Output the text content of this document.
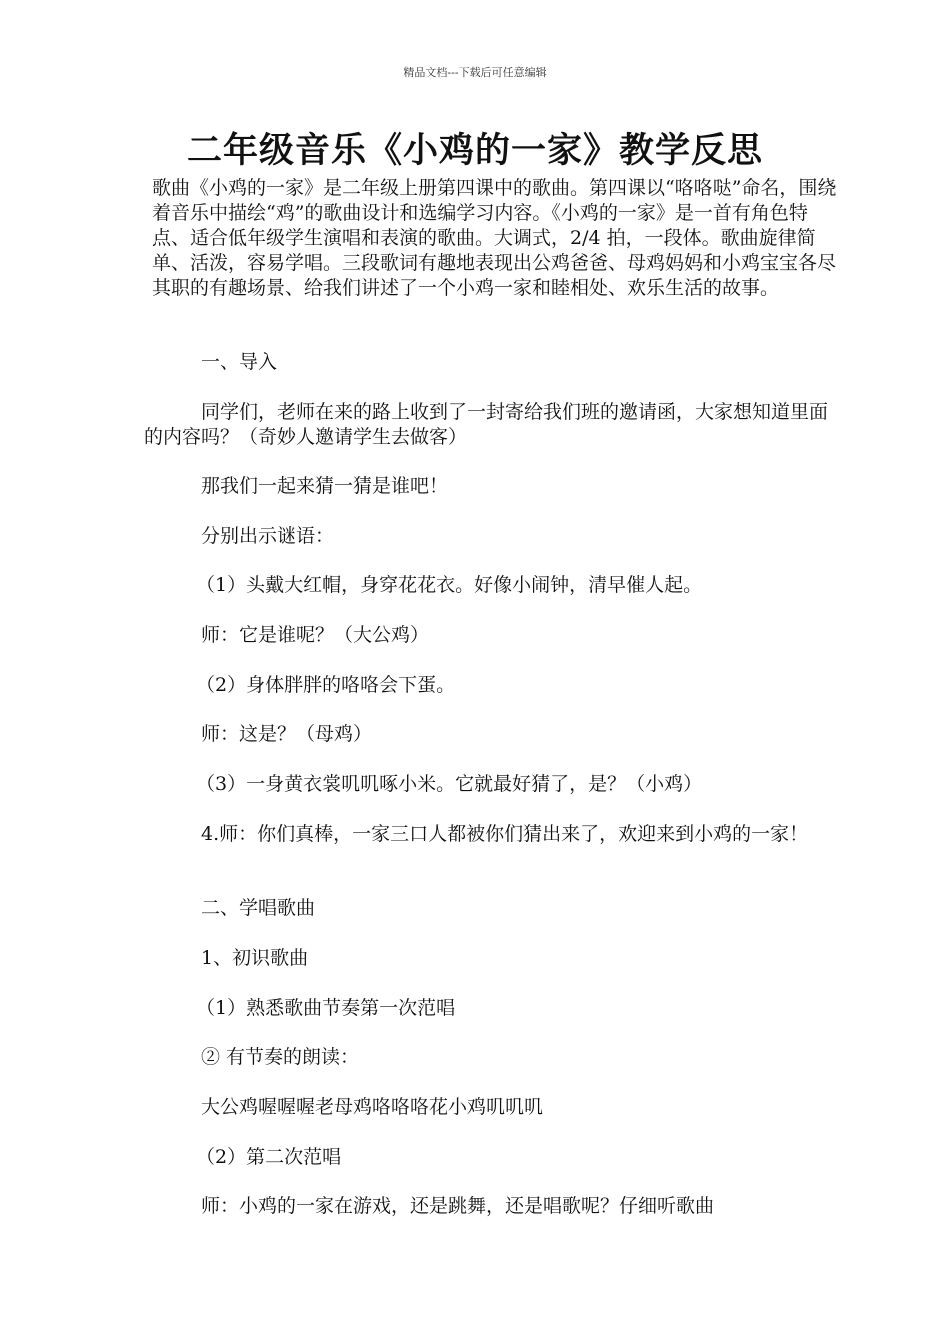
精品文档---下载后可任意编辑
二年级音乐《小鸡的一家》教学反思

歌曲《小鸡的一家》是二年级上册第四课中的歌曲。第四课以“咯咯哒”命名，围绕着音乐中描绘“鸡”的歌曲设计和选编学习内容。《小鸡的一家》是一首有角色特点、适合低年级学生演唱和表演的歌曲。大调式，2/4 拍，一段体。歌曲旋律简单、活泼，容易学唱。三段歌词有趣地表现出公鸡爸爸、母鸡妈妈和小鸡宝宝各尽其职的有趣场景、给我们讲述了一个小鸡一家和睦相处、欢乐生活的故事。

一、导入

同学们，老师在来的路上收到了一封寄给我们班的邀请函，大家想知道里面的内容吗？（奇妙人邀请学生去做客）

那我们一起来猜一猜是谁吧！

分别出示谜语：

（1）头戴大红帽，身穿花花衣。好像小闹钟，清早催人起。

师：它是谁呢？（大公鸡）

（2）身体胖胖的咯咯会下蛋。

师：这是？（母鸡）

（3）一身黄衣裳叽叽啄小米。它就最好猜了，是？（小鸡）

4.师：你们真棒，一家三口人都被你们猜出来了，欢迎来到小鸡的一家！

二、学唱歌曲

1、初识歌曲

（1）熟悉歌曲节奏第一次范唱

② 有节奏的朗读：

大公鸡喔喔喔老母鸡咯咯咯花小鸡叽叽叽

（2）第二次范唱

师：小鸡的一家在游戏，还是跳舞，还是唱歌呢？仔细听歌曲
